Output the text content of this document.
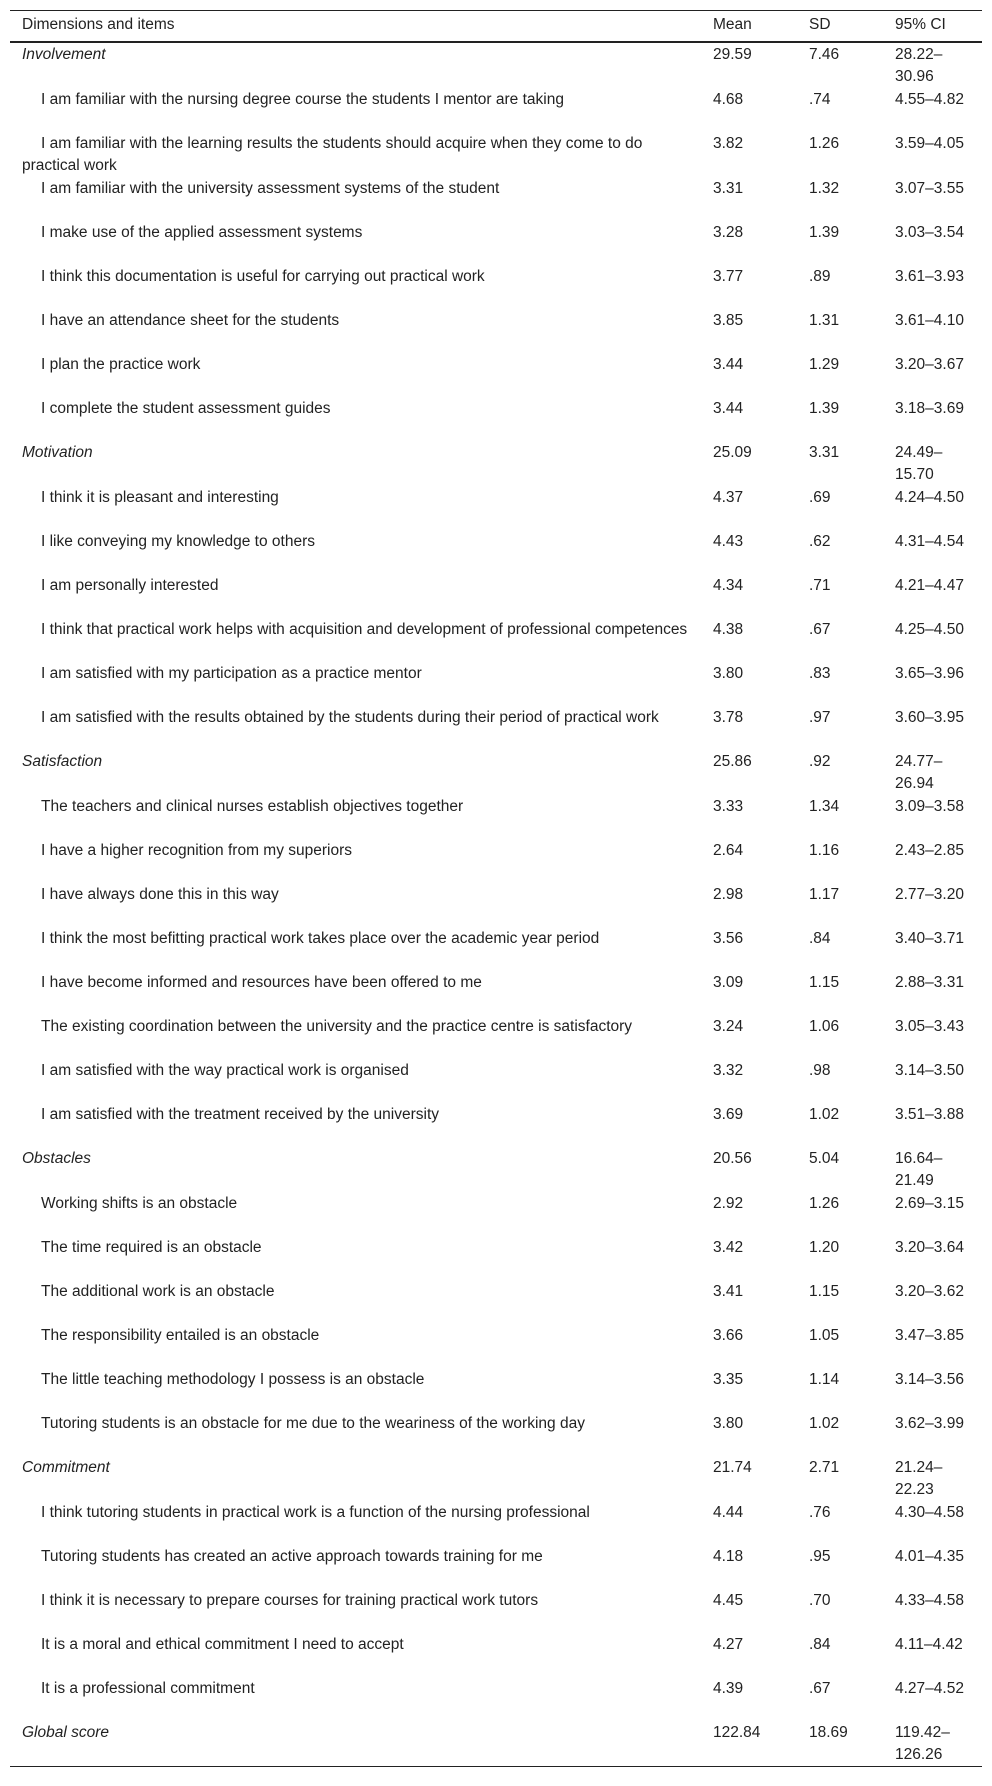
Dimensions and items	Mean	SD	95% CI
Involvement	29.59	7.46	28.22–30.96
I am familiar with the nursing degree course the students I mentor are taking	4.68	.74	4.55–4.82
I am familiar with the learning results the students should acquire when they come to do practical work	3.82	1.26	3.59–4.05
I am familiar with the university assessment systems of the student	3.31	1.32	3.07–3.55
I make use of the applied assessment systems	3.28	1.39	3.03–3.54
I think this documentation is useful for carrying out practical work	3.77	.89	3.61–3.93
I have an attendance sheet for the students	3.85	1.31	3.61–4.10
I plan the practice work	3.44	1.29	3.20–3.67
I complete the student assessment guides	3.44	1.39	3.18–3.69
Motivation	25.09	3.31	24.49–15.70
I think it is pleasant and interesting	4.37	.69	4.24–4.50
I like conveying my knowledge to others	4.43	.62	4.31–4.54
I am personally interested	4.34	.71	4.21–4.47
I think that practical work helps with acquisition and development of professional competences	4.38	.67	4.25–4.50
I am satisfied with my participation as a practice mentor	3.80	.83	3.65–3.96
I am satisfied with the results obtained by the students during their period of practical work	3.78	.97	3.60–3.95
Satisfaction	25.86	.92	24.77–26.94
The teachers and clinical nurses establish objectives together	3.33	1.34	3.09–3.58
I have a higher recognition from my superiors	2.64	1.16	2.43–2.85
I have always done this in this way	2.98	1.17	2.77–3.20
I think the most befitting practical work takes place over the academic year period	3.56	.84	3.40–3.71
I have become informed and resources have been offered to me	3.09	1.15	2.88–3.31
The existing coordination between the university and the practice centre is satisfactory	3.24	1.06	3.05–3.43
I am satisfied with the way practical work is organised	3.32	.98	3.14–3.50
I am satisfied with the treatment received by the university	3.69	1.02	3.51–3.88
Obstacles	20.56	5.04	16.64–21.49
Working shifts is an obstacle	2.92	1.26	2.69–3.15
The time required is an obstacle	3.42	1.20	3.20–3.64
The additional work is an obstacle	3.41	1.15	3.20–3.62
The responsibility entailed is an obstacle	3.66	1.05	3.47–3.85
The little teaching methodology I possess is an obstacle	3.35	1.14	3.14–3.56
Tutoring students is an obstacle for me due to the weariness of the working day	3.80	1.02	3.62–3.99
Commitment	21.74	2.71	21.24–22.23
I think tutoring students in practical work is a function of the nursing professional	4.44	.76	4.30–4.58
Tutoring students has created an active approach towards training for me	4.18	.95	4.01–4.35
I think it is necessary to prepare courses for training practical work tutors	4.45	.70	4.33–4.58
It is a moral and ethical commitment I need to accept	4.27	.84	4.11–4.42
It is a professional commitment	4.39	.67	4.27–4.52
Global score	122.84	18.69	119.42–126.26
